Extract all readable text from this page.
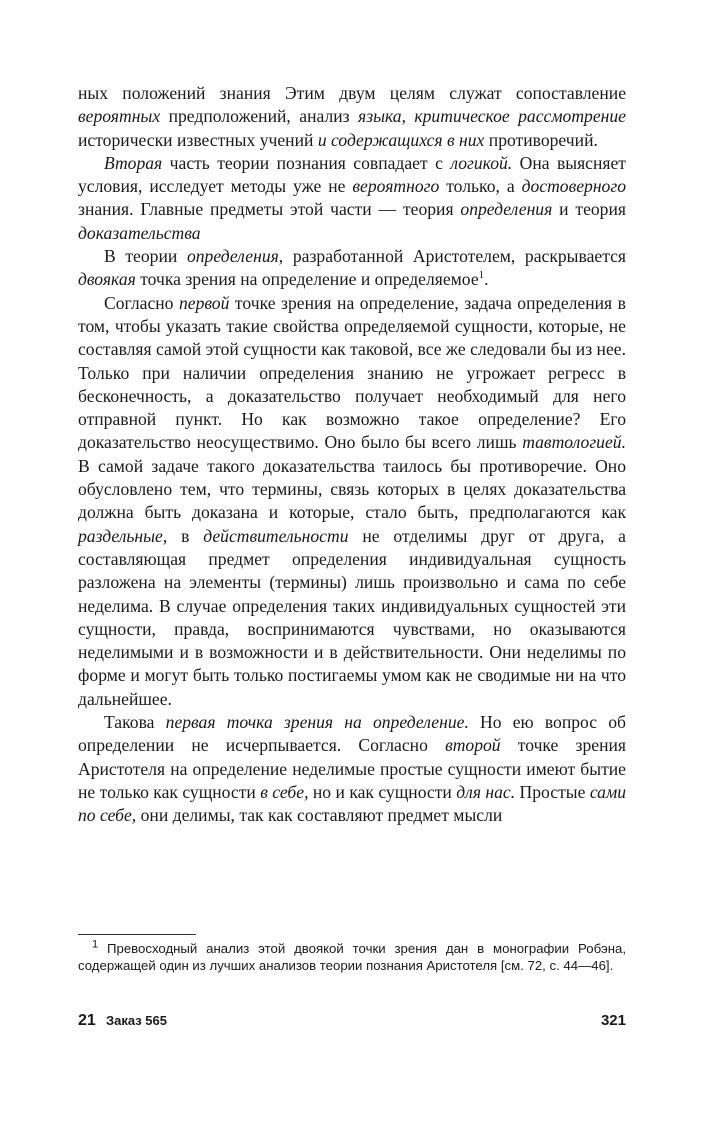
ных положений знания Этим двум целям служат сопоставление вероятных предположений, анализ языка, критическое рассмотрение исторически известных учений и содержащихся в них противоречий.

Вторая часть теории познания совпадает с логикой. Она выясняет условия, исследует методы уже не вероятного только, а достоверного знания. Главные предметы этой части — теория определения и теория доказательства

В теории определения, разработанной Аристотелем, раскрывается двоякая точка зрения на определение и определяемое$^1$.

Согласно первой точке зрения на определение, задача определения в том, чтобы указать такие свойства определяемой сущности, которые, не составляя самой этой сущности как таковой, все же следовали бы из нее. Только при наличии определения знанию не угрожает регресс в бесконечность, а доказательство получает необходимый для него отправной пункт. Но как возможно такое определение? Его доказательство неосуществимо. Оно было бы всего лишь тавтологией. В самой задаче такого доказательства таилось бы противоречие. Оно обусловлено тем, что термины, связь которых в целях доказательства должна быть доказана и которые, стало быть, предполагаются как раздельные, в действительности не отделимы друг от друга, а составляющая предмет определения индивидуальная сущность разложена на элементы (термины) лишь произвольно и сама по себе неделима. В случае определения таких индивидуальных сущностей эти сущности, правда, воспринимаются чувствами, но оказываются неделимыми и в возможности и в действительности. Они неделимы по форме и могут быть только постигаемы умом как не сводимые ни на что дальнейшее.

Такова первая точка зрения на определение. Но ею вопрос об определении не исчерпывается. Согласно второй точке зрения Аристотеля на определение неделимые простые сущности имеют бытие не только как сущности в себе, но и как сущности для нас. Простые сами по себе, они делимы, так как составляют предмет мысли

$^1$ Превосходный анализ этой двоякой точки зрения дан в монографии Робэна, содержащей один из лучших анализов теории познания Аристотеля [см. 72, с. 44—46].

21 Заказ 565	321
